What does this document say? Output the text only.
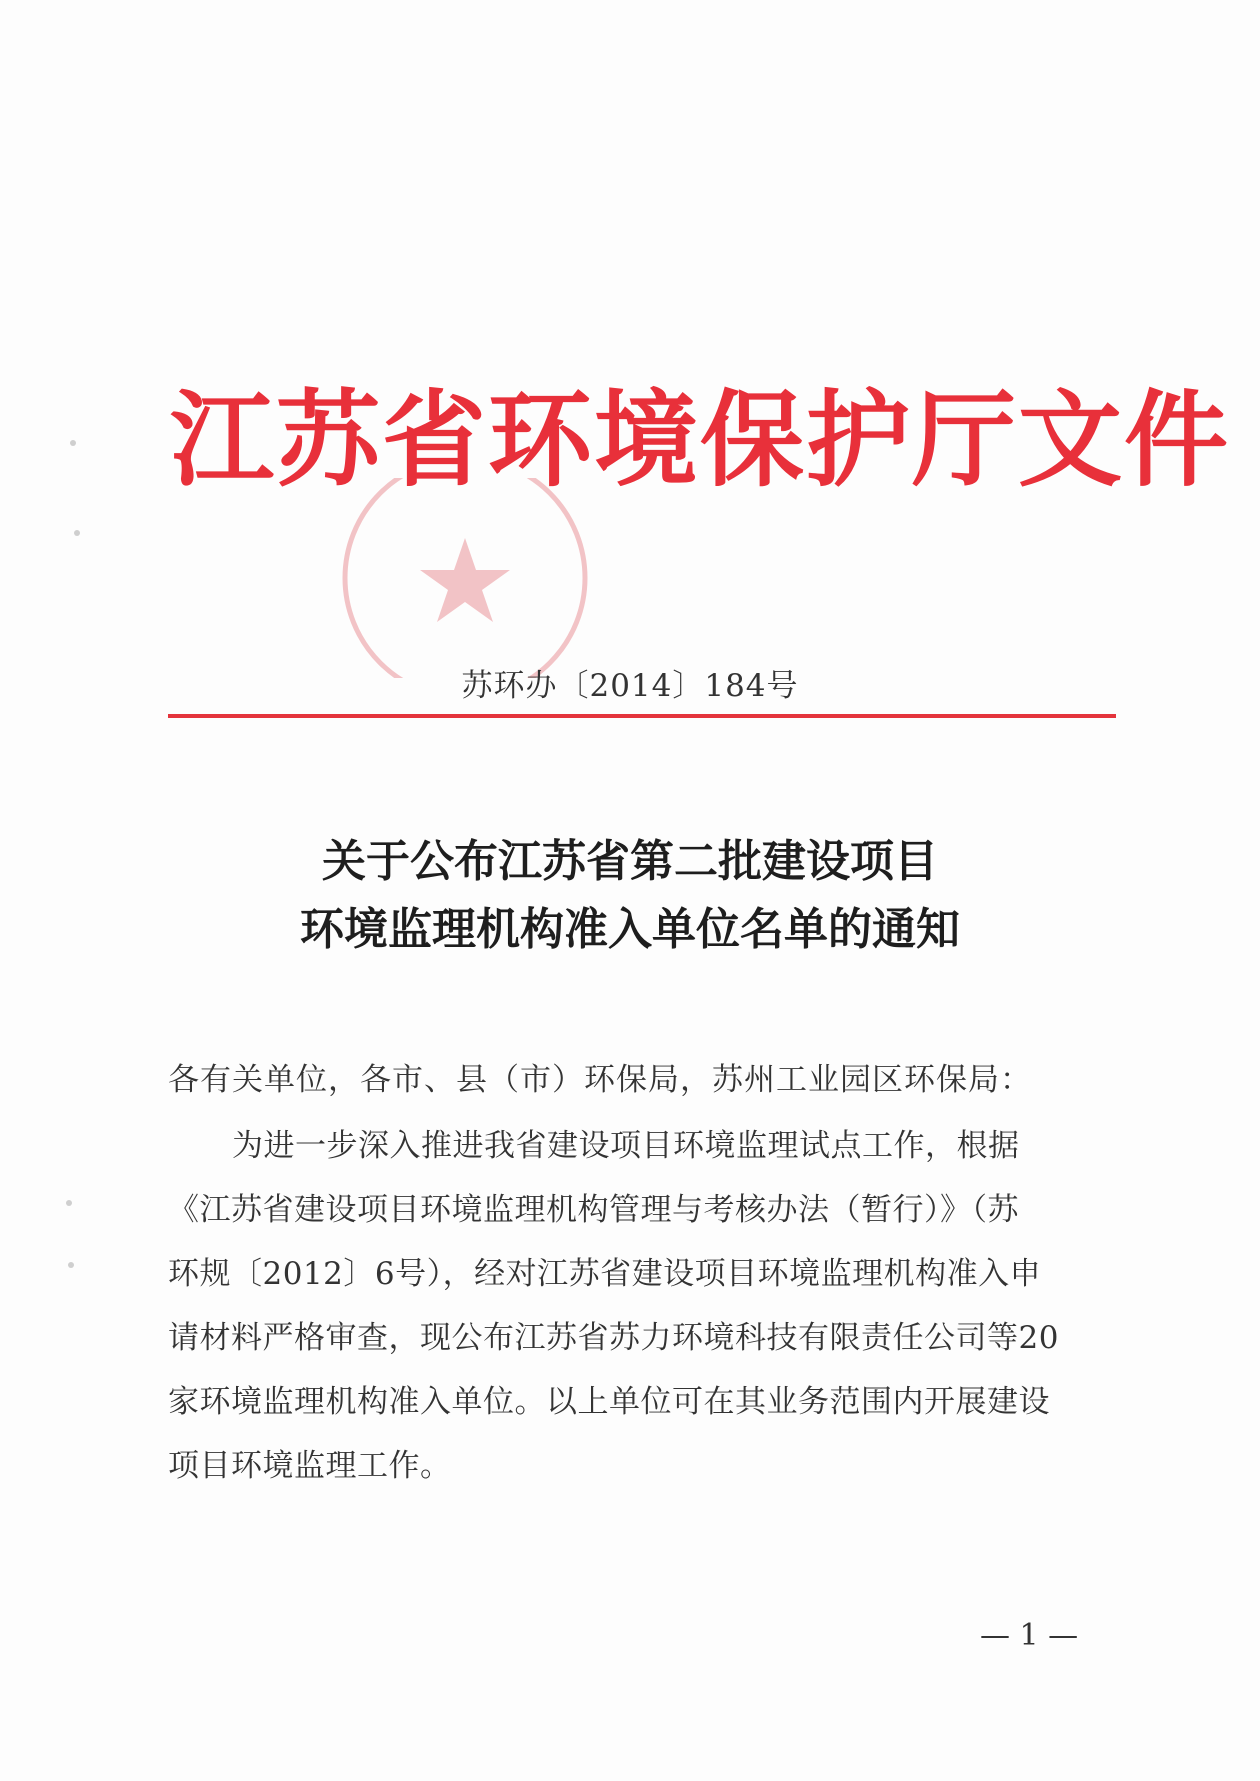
江苏省环境保护厅文件
苏环办〔2014〕184号
关于公布江苏省第二批建设项目
环境监理机构准入单位名单的通知
各有关单位，各市、县（市）环保局，苏州工业园区环保局：
为进一步深入推进我省建设项目环境监理试点工作，根据
《江苏省建设项目环境监理机构管理与考核办法（暂行）》（苏
环规〔2012〕6号），经对江苏省建设项目环境监理机构准入申
请材料严格审查，现公布江苏省苏力环境科技有限责任公司等20
家环境监理机构准入单位。以上单位可在其业务范围内开展建设
项目环境监理工作。
— 1 —
